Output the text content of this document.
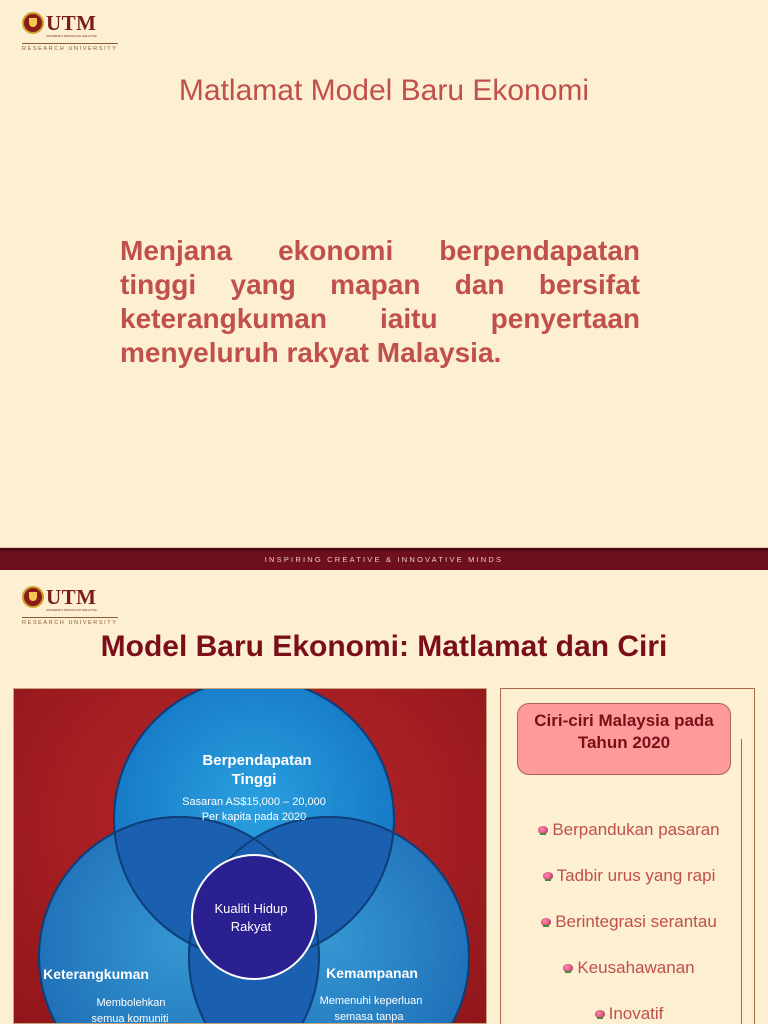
UTM
UNIVERSITI TEKNOLOGI MALAYSIA
RESEARCH UNIVERSITY
Matlamat Model Baru Ekonomi
Menjana ekonomi berpendapatan tinggi yang mapan dan bersifat keterangkuman iaitu penyertaan menyeluruh rakyat Malaysia.
INSPIRING CREATIVE & INNOVATIVE MINDS
UTM
UNIVERSITI TEKNOLOGI MALAYSIA
RESEARCH UNIVERSITY
Model Baru Ekonomi: Matlamat dan Ciri
Berpendapatan
Tinggi
Sasaran AS$15,000 – 20,000
Per kapita pada 2020
Kualiti Hidup
Rakyat
Keterangkuman
Membolehkan
semua komuniti
Kemampanan
Memenuhi keperluan
semasa tanpa
Ciri-ciri Malaysia pada Tahun 2020
Berpandukan pasaran
Tadbir urus yang rapi
Berintegrasi serantau
Keusahawanan
Inovatif
